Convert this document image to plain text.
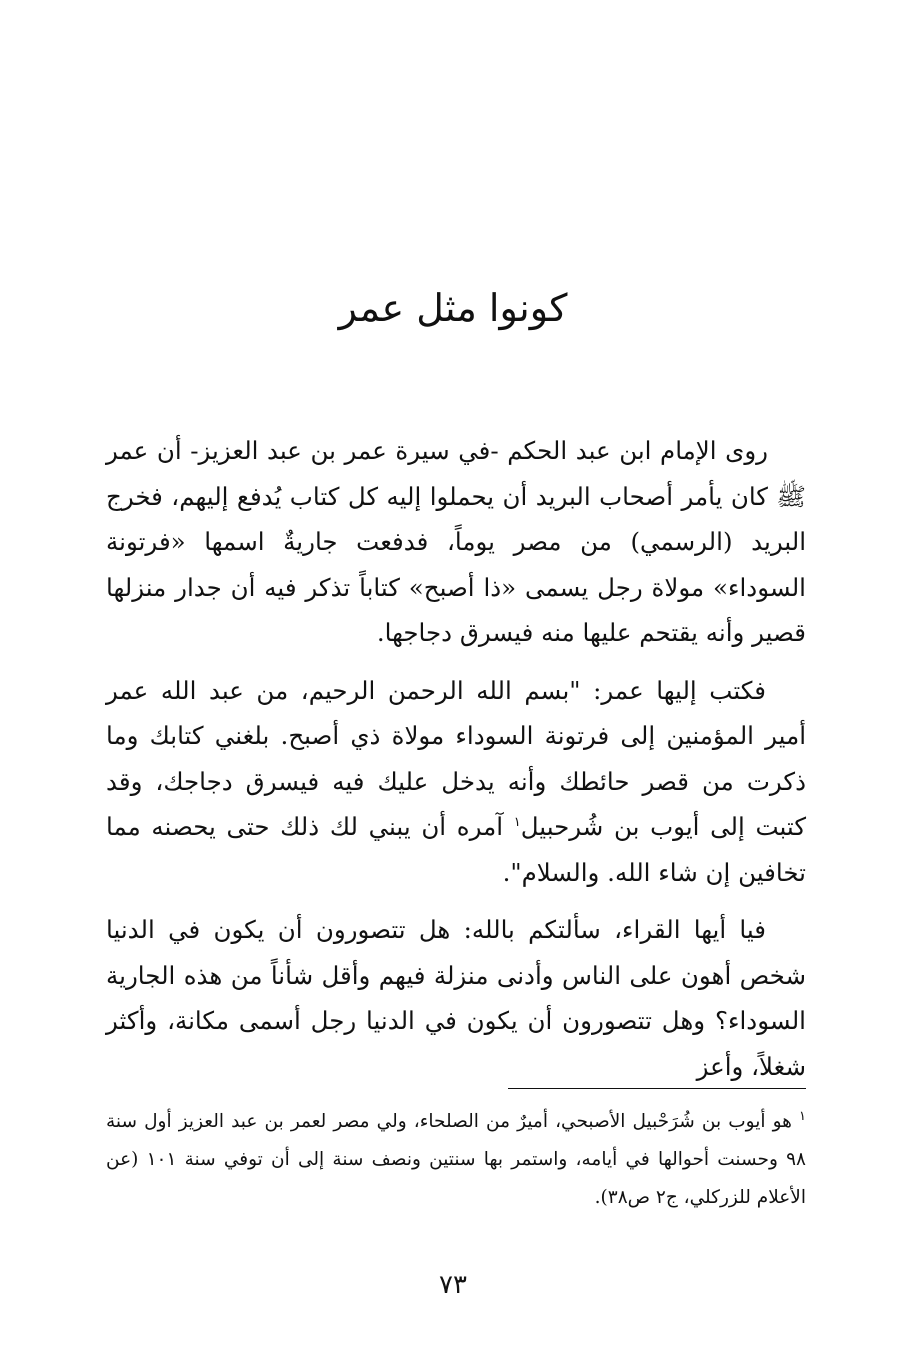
كونوا مثل عمر

روى الإمام ابن عبد الحكم -في سيرة عمر بن عبد العزيز- أن عمر ﷺ كان يأمر أصحاب البريد أن يحملوا إليه كل كتاب يُدفع إليهم، فخرج البريد (الرسمي) من مصر يوماً، فدفعت جاريةٌ اسمها «فرتونة السوداء» مولاة رجل يسمى «ذا أصبح» كتاباً تذكر فيه أن جدار منزلها قصير وأنه يقتحم عليها منه فيسرق دجاجها.

فكتب إليها عمر: "بسم الله الرحمن الرحيم، من عبد الله عمر أمير المؤمنين إلى فرتونة السوداء مولاة ذي أصبح. بلغني كتابك وما ذكرت من قصر حائطك وأنه يدخل عليك فيه فيسرق دجاجك، وقد كتبت إلى أيوب بن شُرحبيل$^١$ آمره أن يبني لك ذلك حتى يحصنه مما تخافين إن شاء الله. والسلام".

فيا أيها القراء، سألتكم بالله: هل تتصورون أن يكون في الدنيا شخص أهون على الناس وأدنى منزلة فيهم وأقل شأناً من هذه الجارية السوداء؟ وهل تتصورون أن يكون في الدنيا رجل أسمى مكانة، وأكثر شغلاً، وأعز

$^١$ هو أيوب بن شُرَحْبيل الأصبحي، أميرٌ من الصلحاء، ولي مصر لعمر بن عبد العزيز أول سنة ٩٨ وحسنت أحوالها في أيامه، واستمر بها سنتين ونصف سنة إلى أن توفي سنة ١٠١ (عن الأعلام للزركلي، ج٢ ص٣٨).

٧٣
